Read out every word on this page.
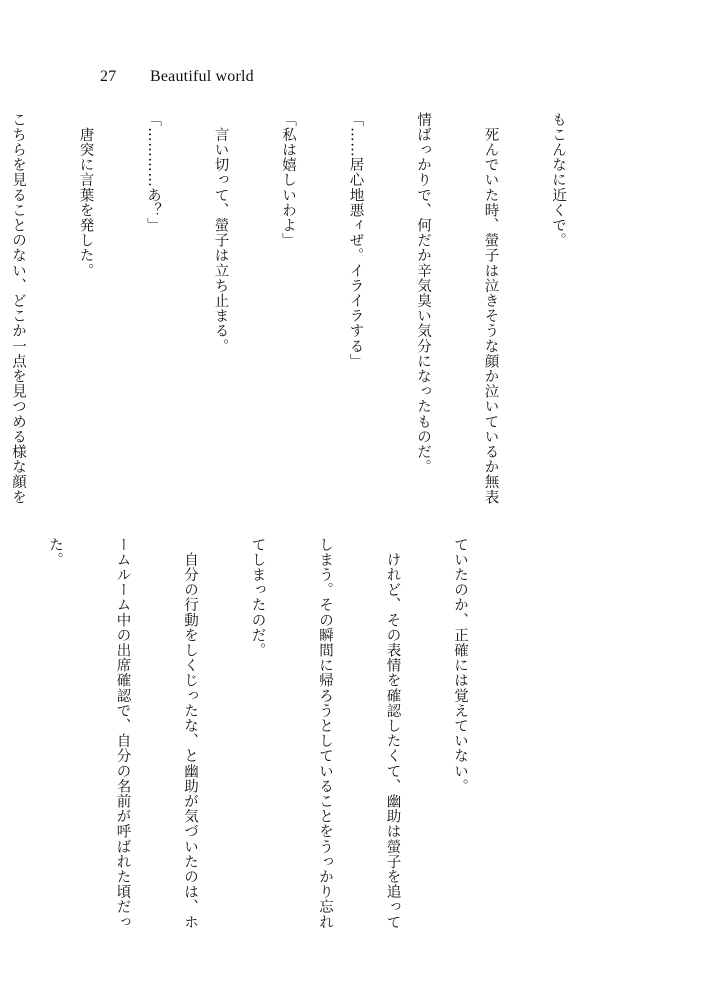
27 Beautiful world

もこんなに近くで。

　死んでいた時、螢子は泣きそうな顔か泣いているか無表

情ばっかりで、何だか辛気臭い気分になったものだ。

「……居心地悪ィぜ。イライラする」

「私は嬉しいわよ」

　言い切って、螢子は立ち止まる。

「…………あ？」

　唐突に言葉を発した。

こちらを見ることのない、どこか一点を見つめる様な顔を

ていたのか、正確には覚えていない。

　けれど、その表情を確認したくて、幽助は螢子を追って

しまう。その瞬間に帰ろうとしていることをうっかり忘れ

てしまったのだ。

　自分の行動をしくじったな、と幽助が気づいたのは、ホ

ームルーム中の出席確認で、自分の名前が呼ばれた頃だっ

た。
